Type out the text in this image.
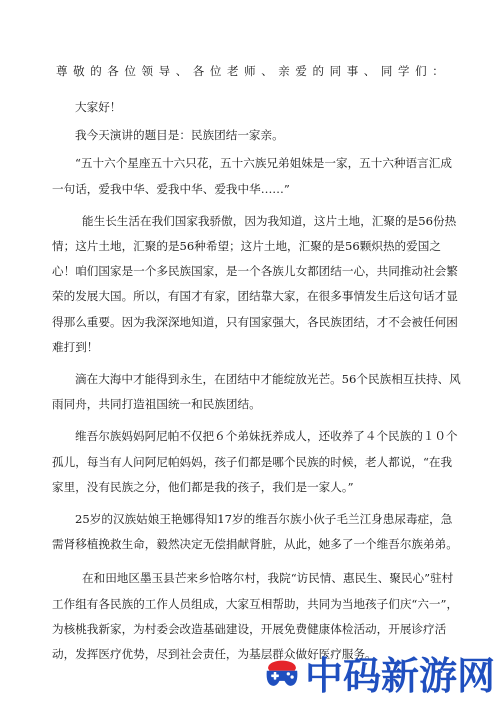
尊敬的各位领导、各位老师、亲爱的同事、同学们：

大家好！

我今天演讲的题目是：民族团结一家亲。

“五十六个星座五十六只花，五十六族兄弟姐妹是一家，五十六种语言汇成一句话，爱我中华、爱我中华、爱我中华……”

能生长生活在我们国家我骄傲，因为我知道，这片土地，汇聚的是56份热情；这片土地，汇聚的是56种希望；这片土地，汇聚的是56颗炽热的爱国之心！咱们国家是一个多民族国家，是一个各族儿女都团结一心，共同推动社会繁荣的发展大国。所以，有国才有家，团结靠大家，在很多事情发生后这句话才显得那么重要。因为我深深地知道，只有国家强大，各民族团结，才不会被任何困难打到！

滴在大海中才能得到永生，在团结中才能绽放光芒。56个民族相互扶持、风雨同舟，共同打造祖国统一和民族团结。

维吾尔族妈妈阿尼帕不仅把６个弟妹抚养成人，还收养了４个民族的１０个孤儿，每当有人问阿尼帕妈妈，孩子们都是哪个民族的时候，老人都说，“在我家里，没有民族之分，他们都是我的孩子，我们是一家人。”

25岁的汉族姑娘王艳娜得知17岁的维吾尔族小伙子毛兰江身患尿毒症，急需肾移植挽救生命，毅然决定无偿捐献肾脏，从此，她多了一个维吾尔族弟弟。

在和田地区墨玉县芒来乡恰喀尔村，我院“访民情、惠民生、聚民心”驻村工作组有各民族的工作人员组成，大家互相帮助，共同为当地孩子们庆“六一”，为核桃我新家，为村委会改造基础建设，开展免费健康体检活动，开展诊疗活动，发挥医疗优势，尽到社会责任，为基层群众做好医疗服务。

中码新游网
